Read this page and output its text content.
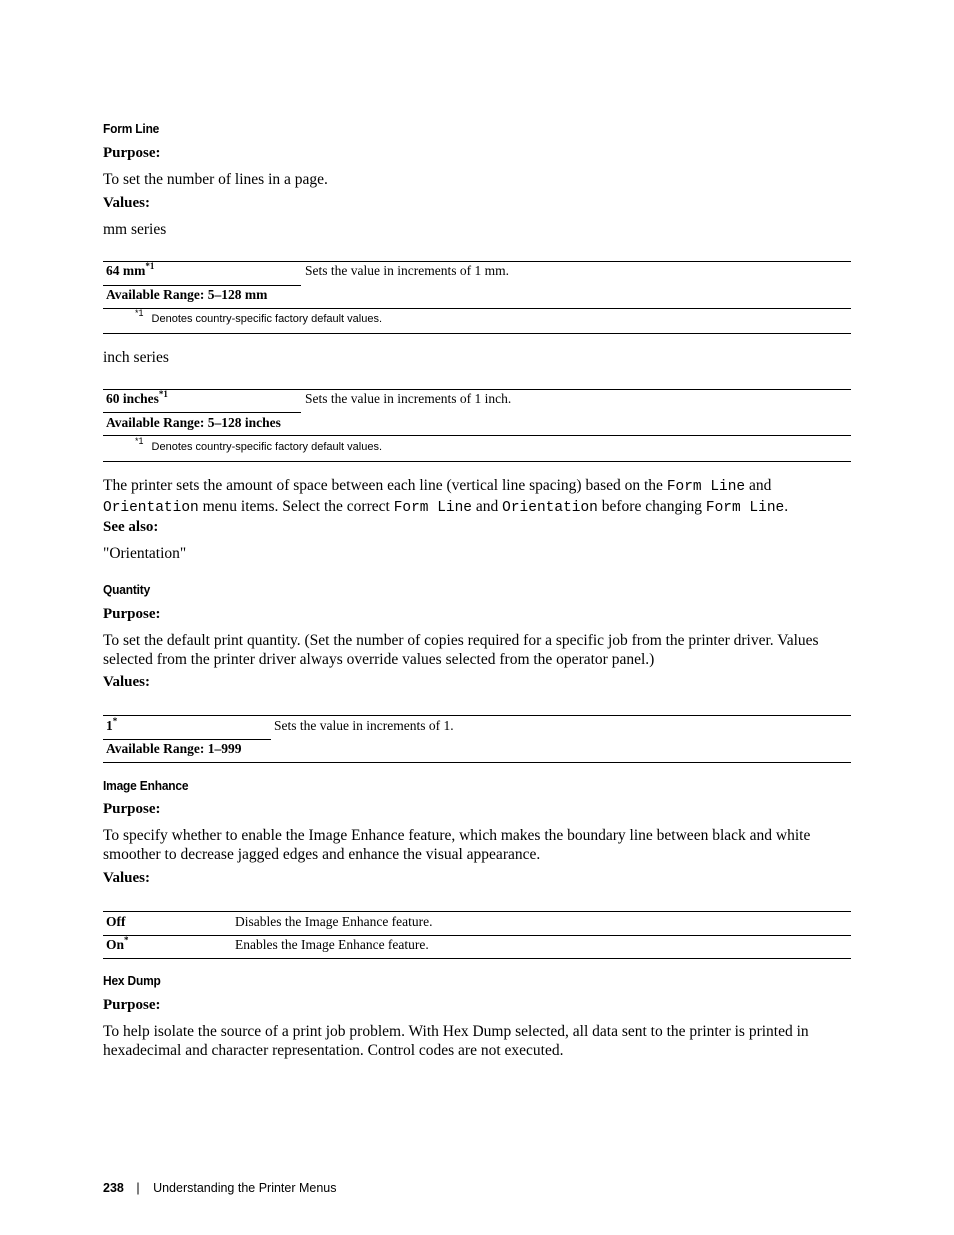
Form Line
Purpose:
To set the number of lines in a page.
Values:
mm series
64 $mm^{*1}$	Sets the value in increments of 1 mm.
Available Range: 5–128 mm
$^{*1}$ Denotes country-specific factory default values.
inch series
60 inches$^{*1}$	Sets the value in increments of 1 inch.
Available Range: 5–128 inches
$^{*1}$ Denotes country-specific factory default values.
The printer sets the amount of space between each line (vertical line spacing) based on the Form Line and
Orientation menu items. Select the correct Form Line and Orientation before changing Form Line.
See also:
"Orientation"
Quantity
Purpose:
To set the default print quantity. (Set the number of copies required for a specific job from the printer driver. Values
selected from the printer driver always override values selected from the operator panel.)
Values:
1*	Sets the value in increments of 1.
Available Range: 1–999
Image Enhance
Purpose:
To specify whether to enable the Image Enhance feature, which makes the boundary line between black and white
smoother to decrease jagged edges and enhance the visual appearance.
Values:
Off	Disables the Image Enhance feature.
On*	Enables the Image Enhance feature.
Hex Dump
Purpose:
To help isolate the source of a print job problem. With Hex Dump selected, all data sent to the printer is printed in
hexadecimal and character representation. Control codes are not executed.
238 | Understanding the Printer Menus
